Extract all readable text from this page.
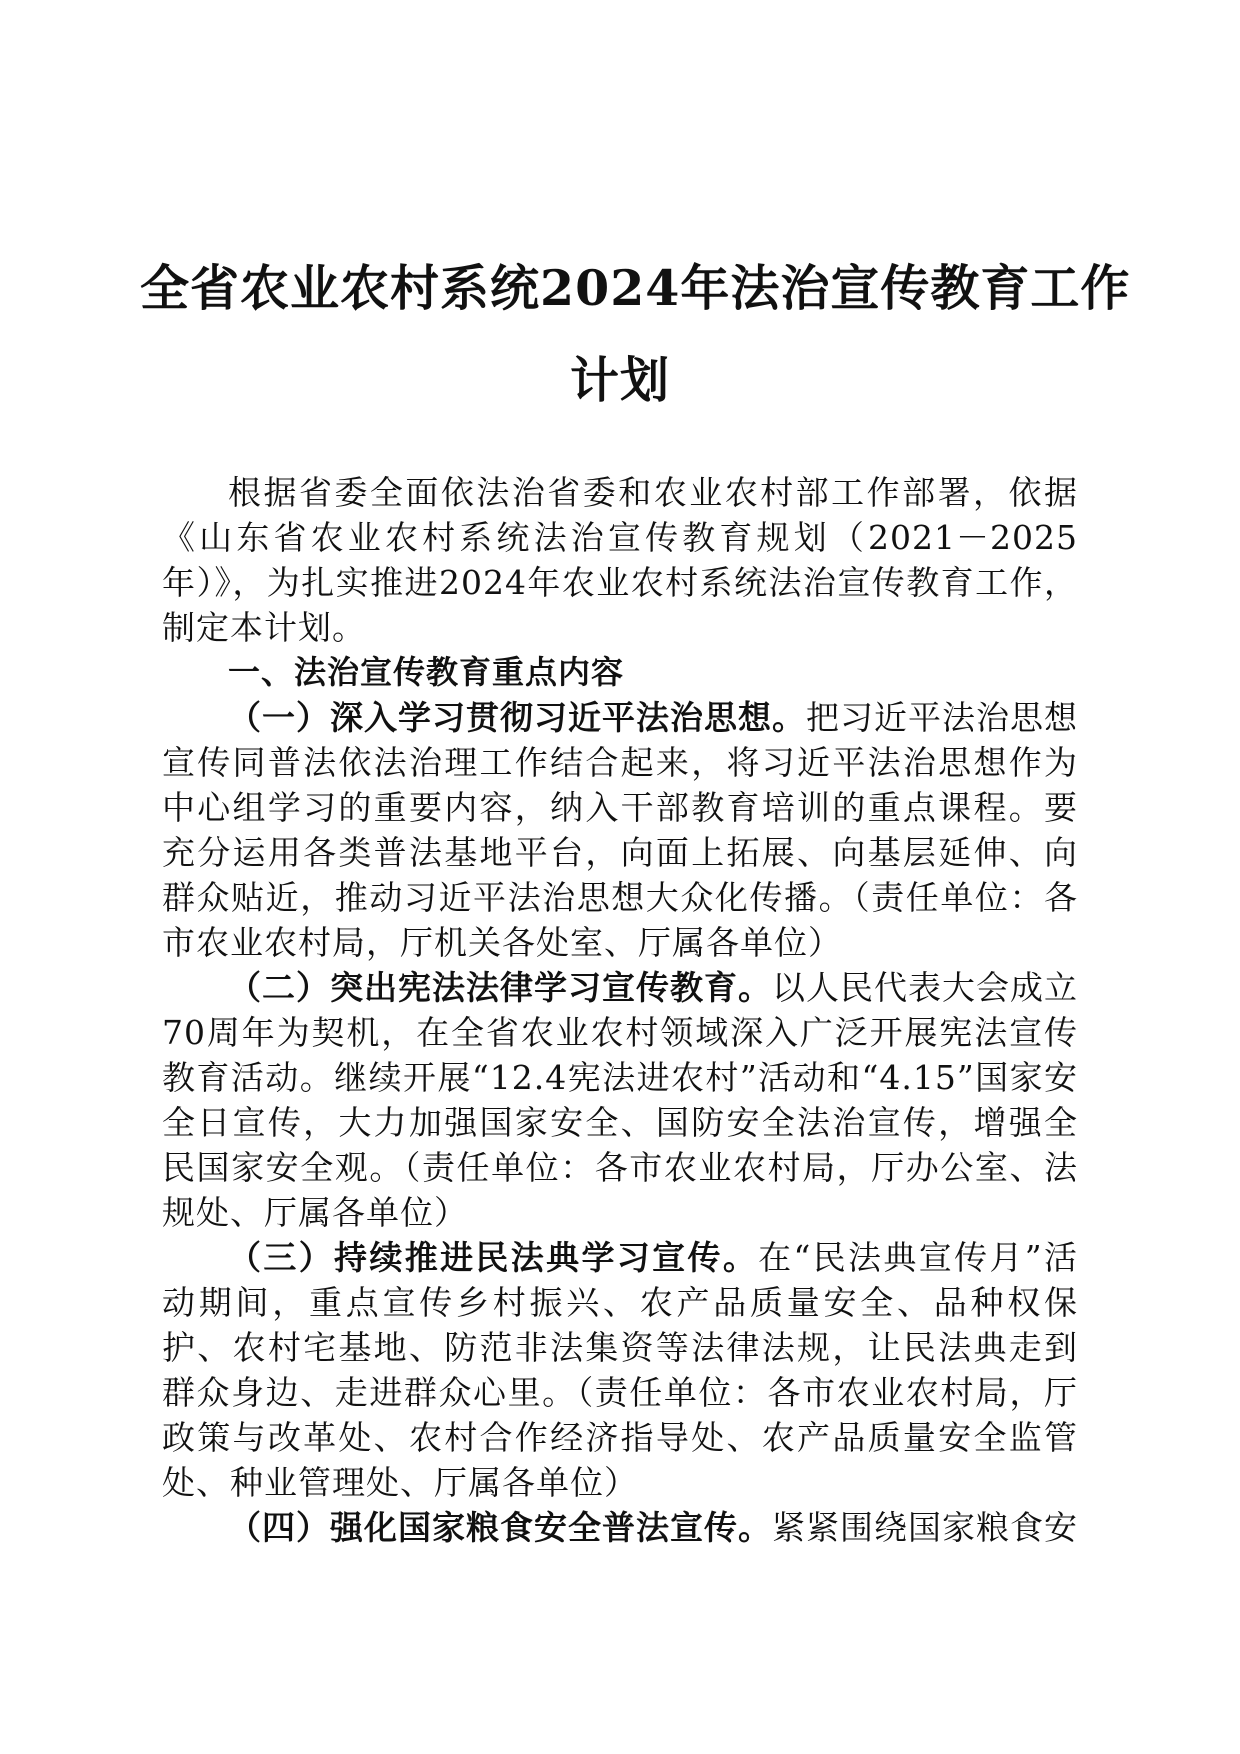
全省农业农村系统2024年法治宣传教育工作
计划

根据省委全面依法治省委和农业农村部工作部署，依据《山东省农业农村系统法治宣传教育规划（2021－2025年）》，为扎实推进2024年农业农村系统法治宣传教育工作，制定本计划。

一、法治宣传教育重点内容

（一）深入学习贯彻习近平法治思想。把习近平法治思想宣传同普法依法治理工作结合起来，将习近平法治思想作为中心组学习的重要内容，纳入干部教育培训的重点课程。要充分运用各类普法基地平台，向面上拓展、向基层延伸、向群众贴近，推动习近平法治思想大众化传播。（责任单位：各市农业农村局，厅机关各处室、厅属各单位）

（二）突出宪法法律学习宣传教育。以人民代表大会成立70周年为契机，在全省农业农村领域深入广泛开展宪法宣传教育活动。继续开展“12.4宪法进农村”活动和“4.15”国家安全日宣传，大力加强国家安全、国防安全法治宣传，增强全民国家安全观。（责任单位：各市农业农村局，厅办公室、法规处、厅属各单位）

（三）持续推进民法典学习宣传。在“民法典宣传月”活动期间，重点宣传乡村振兴、农产品质量安全、品种权保护、农村宅基地、防范非法集资等法律法规，让民法典走到群众身边、走进群众心里。（责任单位：各市农业农村局，厅政策与改革处、农村合作经济指导处、农产品质量安全监管处、种业管理处、厅属各单位）

（四）强化国家粮食安全普法宣传。紧紧围绕国家粮食安
